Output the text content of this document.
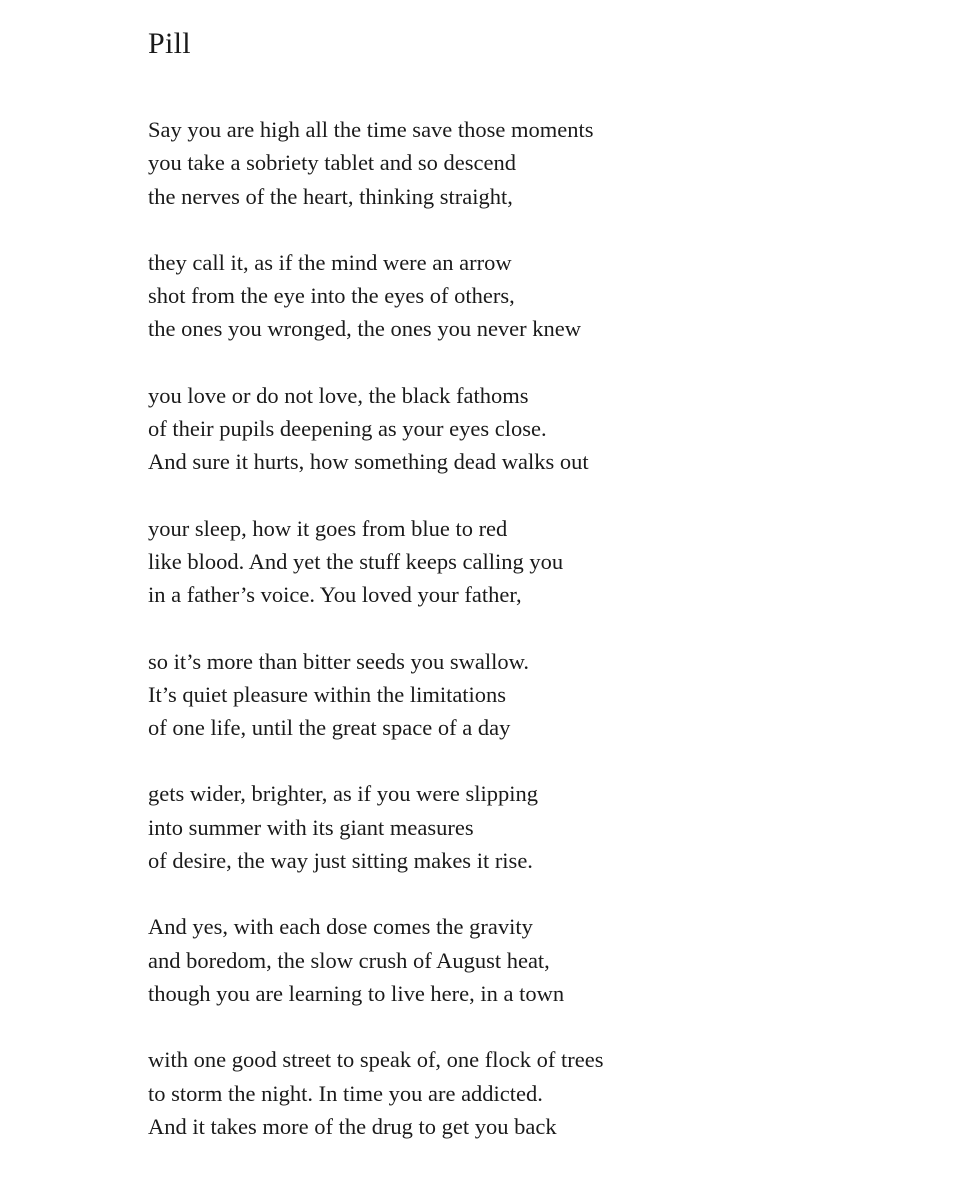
Pill
Say you are high all the time save those moments
you take a sobriety tablet and so descend
the nerves of the heart, thinking straight,
they call it, as if the mind were an arrow
shot from the eye into the eyes of others,
the ones you wronged, the ones you never knew
you love or do not love, the black fathoms
of their pupils deepening as your eyes close.
And sure it hurts, how something dead walks out
your sleep, how it goes from blue to red
like blood. And yet the stuff keeps calling you
in a father’s voice. You loved your father,
so it’s more than bitter seeds you swallow.
It’s quiet pleasure within the limitations
of one life, until the great space of a day
gets wider, brighter, as if you were slipping
into summer with its giant measures
of desire, the way just sitting makes it rise.
And yes, with each dose comes the gravity
and boredom, the slow crush of August heat,
though you are learning to live here, in a town
with one good street to speak of, one flock of trees
to storm the night. In time you are addicted.
And it takes more of the drug to get you back
